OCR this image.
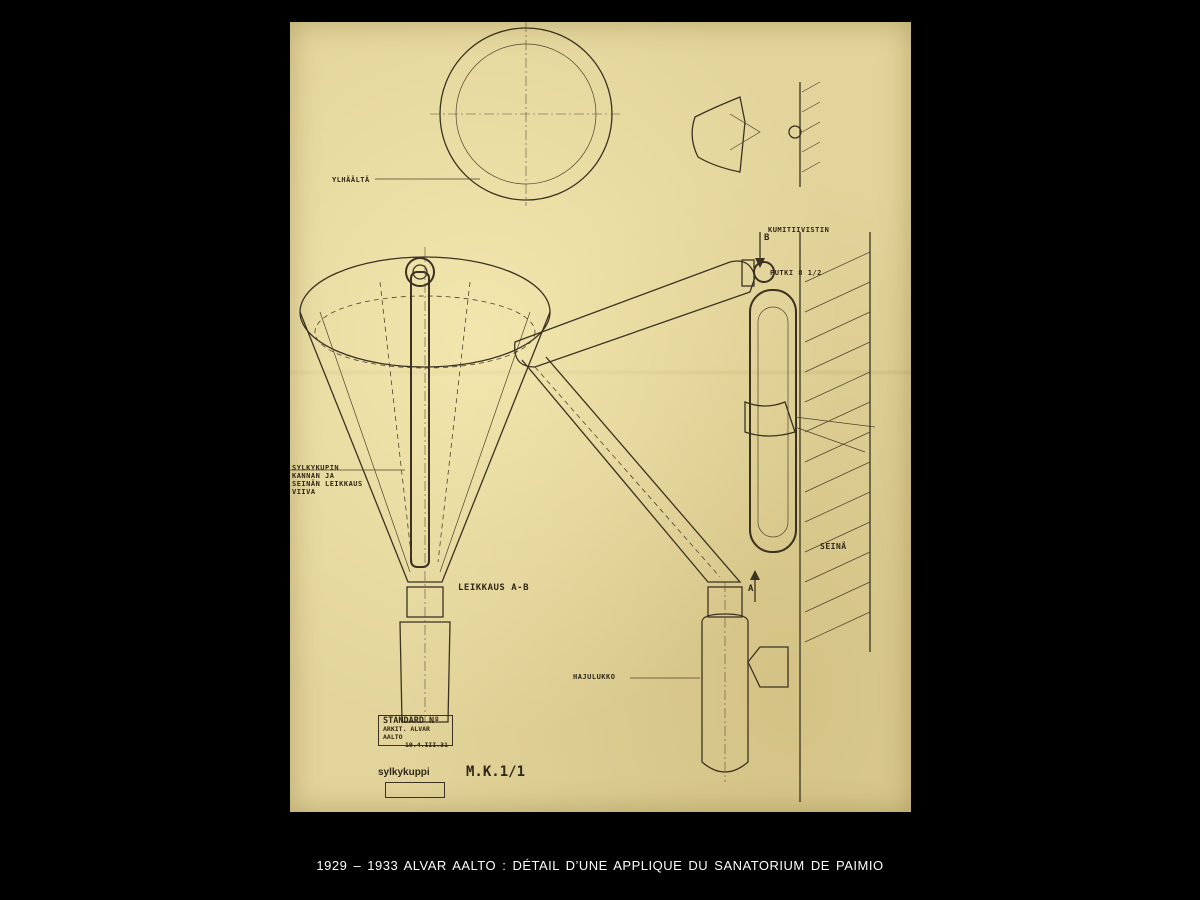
YLHÄÄLTÄ
KUMITIIVISTIN
PUTKI 8 1/2
SYLKYKUPIN
KANNAN JA
SEINÄN LEIKKAUS
VIIVA
LEIKKAUS A-B
SEINÄ
HAJULUKKO
B
A
STANDARD Nº
ARKIT. ALVAR AALTO
19.4.III.31
sylkykuppi	M.K.1/1
1929 – 1933 ALVAR AALTO : DÉTAIL D’UNE APPLIQUE DU SANATORIUM DE PAIMIO
